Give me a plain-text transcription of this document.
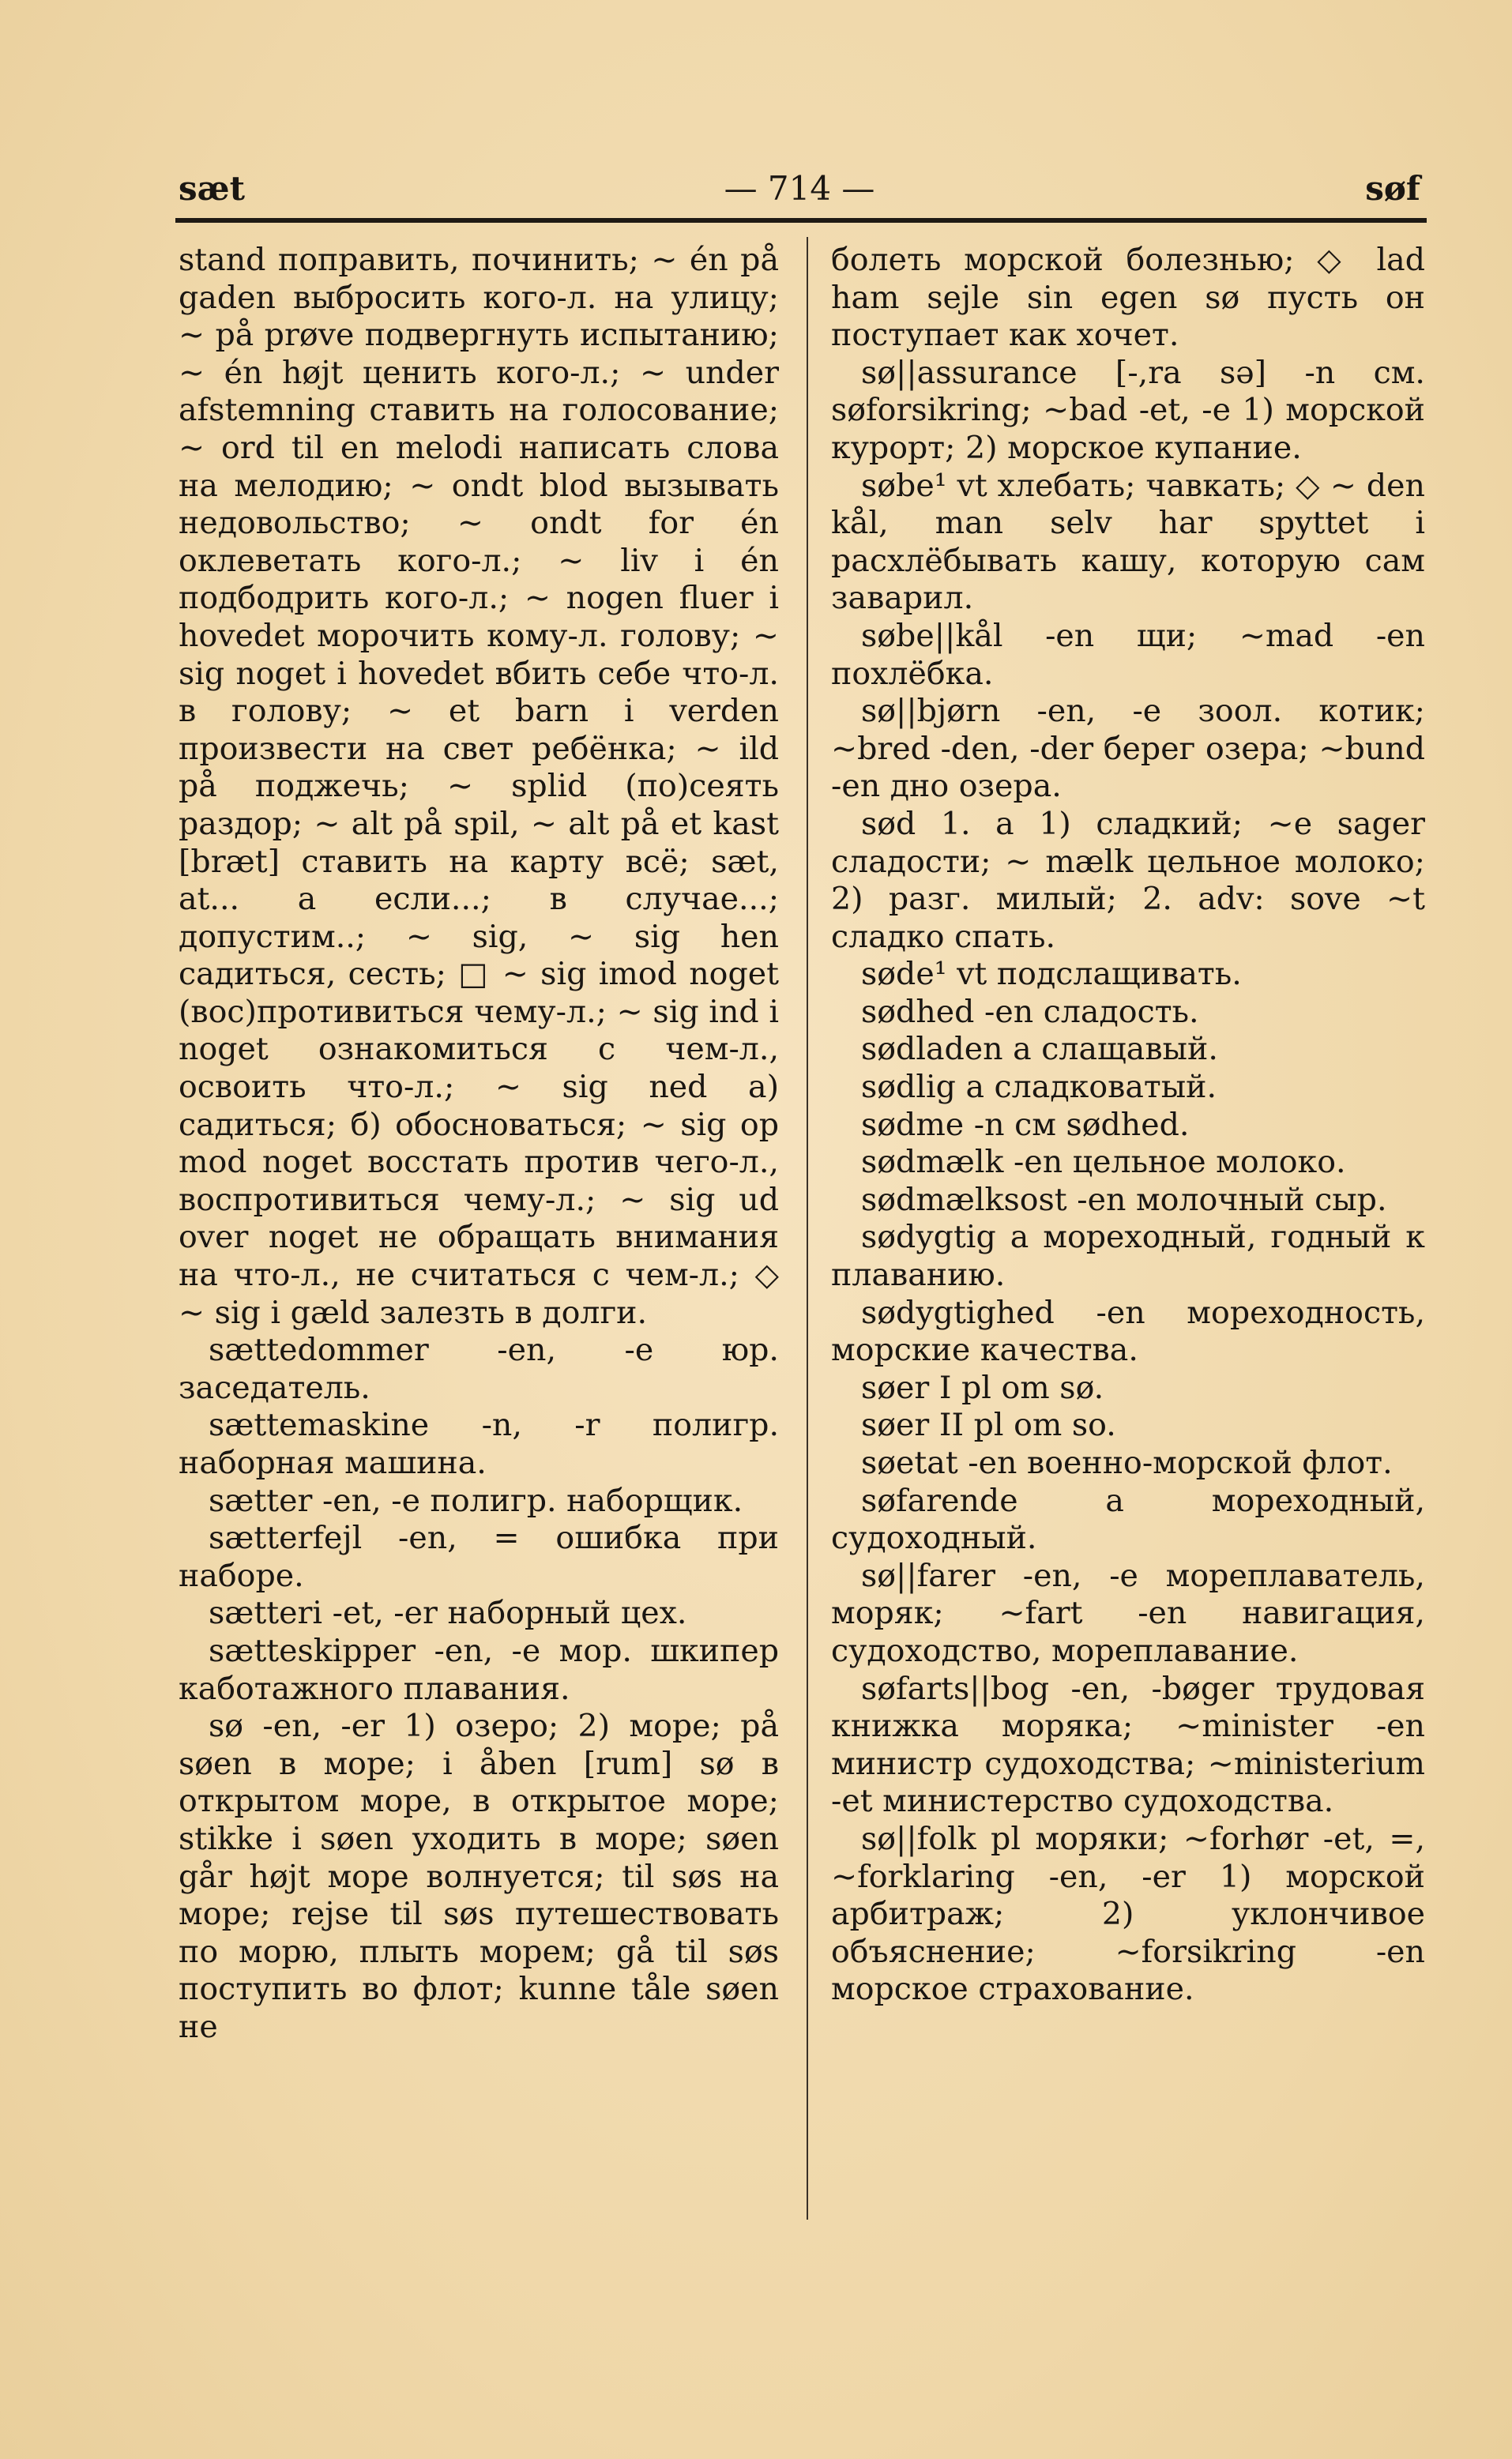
sæt	— 714 —	søf

stand поправить, починить; ~ én på gaden выбросить кого-л. на улицу; ~ på prøve подвергнуть испытанию; ~ én højt ценить кого-л.; ~ under afstemning ставить на голосование; ~ ord til en melodi написать слова на мелодию; ~ ondt blod вызывать недовольство; ~ ondt for én оклеветать кого-л.; ~ liv i én подбодрить кого-л.; ~ nogen fluer i hovedet морочить кому-л. голову; ~ sig noget i hovedet вбить себе что-л. в голову; ~ et barn i verden произвести на свет ребёнка; ~ ild på поджечь; ~ splid (по)сеять раздор; ~ alt på spil, ~ alt på et kast [bræt] ставить на карту всё; sæt, at... а если...; в случае...; допустим..; ~ sig, ~ sig hen садиться, сесть; □ ~ sig imod noget (вос)противиться чему-л.; ~ sig ind i noget ознакомиться с чем-л., освоить что-л.; ~ sig ned а) садиться; б) обосноваться; ~ sig op mod noget восстать против чего-л., воспротивиться чему-л.; ~ sig ud over noget не обращать внимания на что-л., не считаться с чем-л.; ◇ ~ sig i gæld залезть в долги.

sættedommer -en, -e юр. заседатель.

sættemaskine -n, -r полигр. наборная машина.

sætter -en, -e полигр. наборщик.

sætterfejl -en, = ошибка при наборе.

sætteri -et, -er наборный цех.

sætteskipper -en, -e мор. шкипер каботажного плавания.

sø -en, -er 1) озеро; 2) море; på søen в море; i åben [rum] sø в открытом море, в открытое море; stikke i søen уходить в море; søen går højt море волнуется; til søs на море; rejse til søs путешествовать по морю, плыть морем; gå til søs поступить во флот; kunne tåle søen не

болеть морской болезнью; ◇ lad ham sejle sin egen sø пусть он поступает как хочет.

sø||assurance [-,ra sə] -n см. søforsikring; ~bad -et, -e 1) морской курорт; 2) морское купание.

søbe¹ vt хлебать; чавкать; ◇ ~ den kål, man selv har spyttet i расхлёбывать кашу, которую сам заварил.

søbe||kål -en щи; ~mad -en похлёбка.

sø||bjørn -en, -e зоол. котик; ~bred -den, -der берег озера; ~bund -en дно озера.

sød 1. a 1) сладкий; ~e sager сладости; ~ mælk цельное молоко; 2) разг. милый; 2. adv: sove ~t сладко спать.

søde¹ vt подслащивать.

sødhed -en сладость.

sødladen a слащавый.

sødlig a сладковатый.

sødme -n см sødhed.

sødmælk -en цельное молоко.

sødmælksost -en молочный сыр.

sødygtig a мореходный, годный к плаванию.

sødygtighed -en мореходность, морские качества.

søer I pl om sø.

søer II pl om so.

søetat -en военно-морской флот.

søfarende a мореходный, судоходный.

sø||farer -en, -e мореплаватель, моряк; ~fart -en навигация, судоходство, мореплавание.

søfarts||bog -en, -bøger трудовая книжка моряка; ~minister -en министр судоходства; ~ministerium -et министерство судоходства.

sø||folk pl моряки; ~forhør -et, =, ~forklaring -en, -er 1) морской арбитраж; 2) уклончивое объяснение; ~forsikring -en морское страхование.
